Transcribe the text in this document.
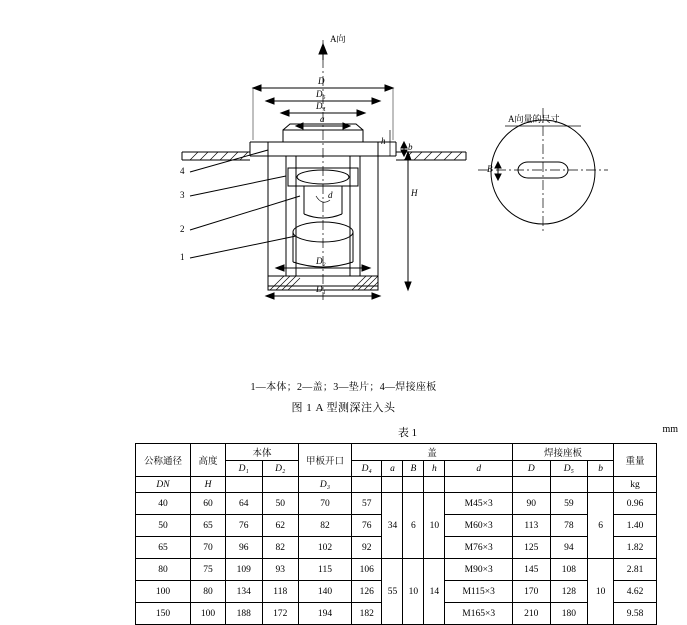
A向
A向量的尺寸
D
D₅
D₄
a
b
h
H
B
d
D₂
D₁
4
3
2
1
1—本体；2—盖；3—垫片；4—焊接座板
图 1 A 型测深注入头
表 1	mm
公称通径	高度	本体		甲板开口	盖					焊接座板			重量
		D₁	D₂		D₄	a	B	h	d	D	D₅	b	
DN	H			D₃									kg
40	60	64	50	70	57	34	6	10	M45×3	90	59	6	0.96
50	65	76	62	82	76				M60×3	113	78		1.40
65	70	96	82	102	92				M76×3	125	94		1.82
80	75	109	93	115	106	55	10	14	M90×3	145	108	10	2.81
100	80	134	118	140	126				M115×3	170	128		4.62
150	100	188	172	194	182				M165×3	210	180		9.58
